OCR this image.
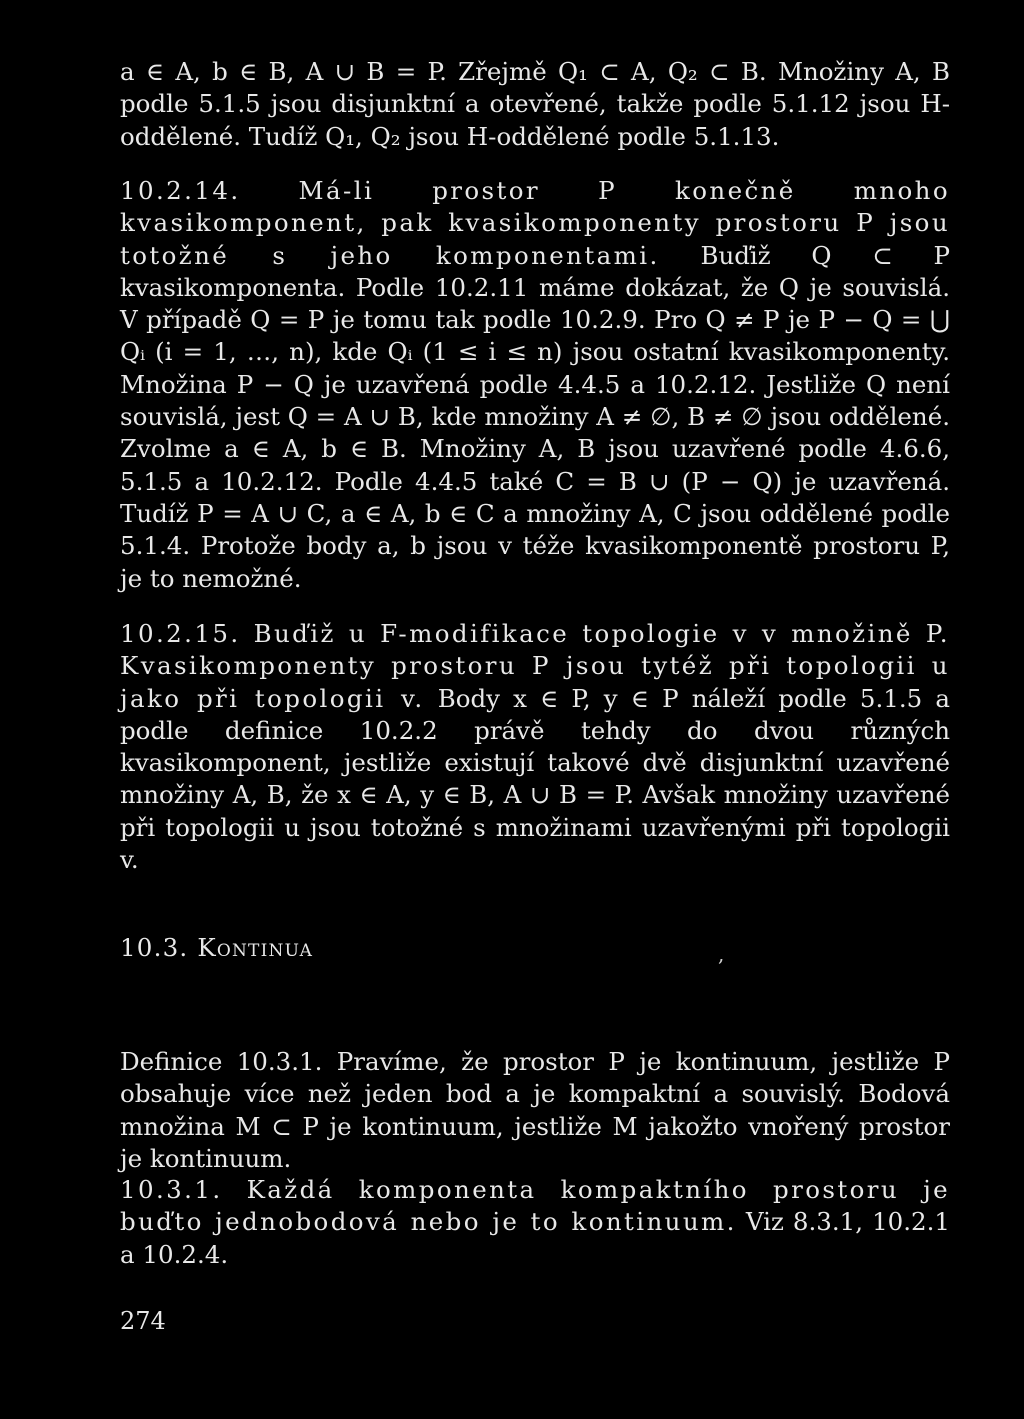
a ∈ A, b ∈ B, A ∪ B = P. Zřejmě Q₁ ⊂ A, Q₂ ⊂ B. Množiny A, B podle 5.1.5 jsou disjunktní a otevřené, takže podle 5.1.12 jsou H-oddělené. Tudíž Q₁, Q₂ jsou H-oddělené podle 5.1.13.

10.2.14. Má-li prostor P konečně mnoho kvasikomponent, pak kvasikomponenty prostoru P jsou totožné s jeho komponentami. Buďiž Q ⊂ P kvasikomponenta. Podle 10.2.11 máme dokázat, že Q je souvislá. V případě Q = P je tomu tak podle 10.2.9. Pro Q ≠ P je P − Q = ⋃ Qᵢ (i = 1, …, n), kde Qᵢ (1 ≤ i ≤ n) jsou ostatní kvasikomponenty. Množina P − Q je uzavřená podle 4.4.5 a 10.2.12. Jestliže Q není souvislá, jest Q = A ∪ B, kde množiny A ≠ ∅, B ≠ ∅ jsou oddělené. Zvolme a ∈ A, b ∈ B. Množiny A, B jsou uzavřené podle 4.6.6, 5.1.5 a 10.2.12. Podle 4.4.5 také C = B ∪ (P − Q) je uzavřená. Tudíž P = A ∪ C, a ∈ A, b ∈ C a množiny A, C jsou oddělené podle 5.1.4. Protože body a, b jsou v téže kvasikomponentě prostoru P, je to nemožné.

10.2.15. Buďiž u F-modifikace topologie v v množině P. Kvasikomponenty prostoru P jsou tytéž při topologii u jako při topologii v. Body x ∈ P, y ∈ P náleží podle 5.1.5 a podle definice 10.2.2 právě tehdy do dvou různých kvasikomponent, jestliže existují takové dvě disjunktní uzavřené množiny A, B, že x ∈ A, y ∈ B, A ∪ B = P. Avšak množiny uzavřené při topologii u jsou totožné s množinami uzavřenými při topologii v.

10.3. Kontinua	,

Definice 10.3.1. Pravíme, že prostor P je kontinuum, jestliže P obsahuje více než jeden bod a je kompaktní a souvislý. Bodová množina M ⊂ P je kontinuum, jestliže M jakožto vnořený prostor je kontinuum.

10.3.1. Každá komponenta kompaktního prostoru je buďto jednobodová nebo je to kontinuum. Viz 8.3.1, 10.2.1 a 10.2.4.

274
